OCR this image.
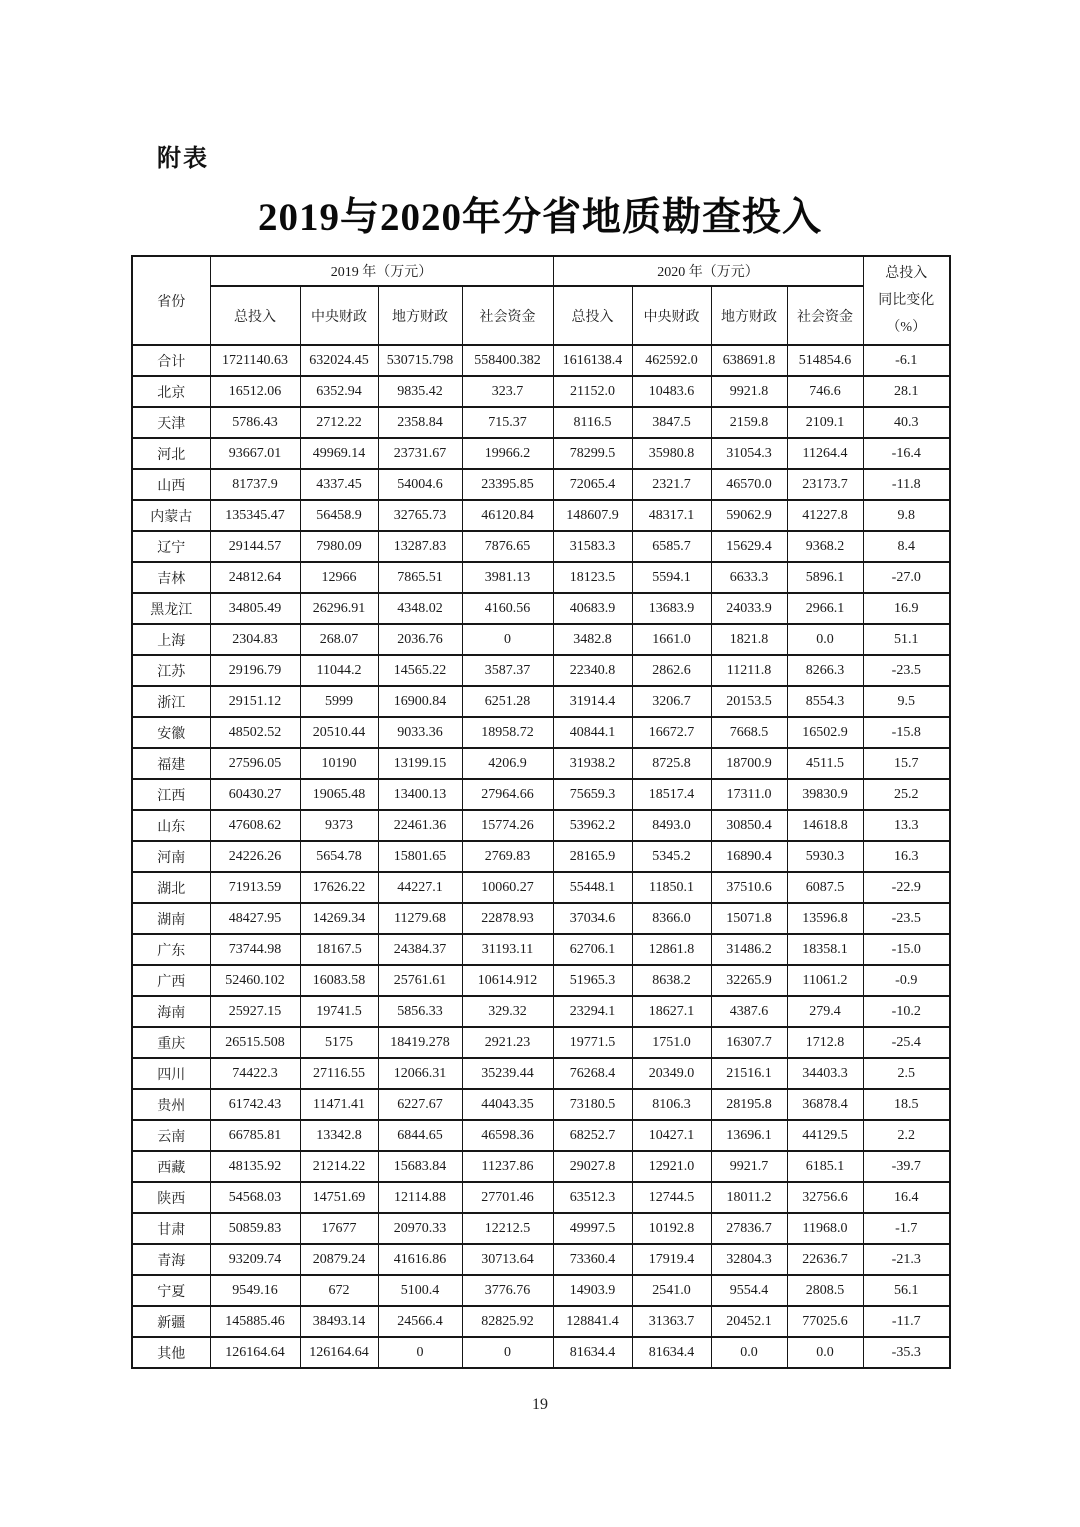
附表
2019与2020年分省地质勘查投入
省份	2019 年（万元）				2020 年（万元）				总投入
同比变化
（%）

	总投入	中央财政	地方财政	社会资金	总投入	中央财政	地方财政	社会资金	
合计	1721140.63	632024.45	530715.798	558400.382	1616138.4	462592.0	638691.8	514854.6	-6.1
北京	16512.06	6352.94	9835.42	323.7	21152.0	10483.6	9921.8	746.6	28.1
天津	5786.43	2712.22	2358.84	715.37	8116.5	3847.5	2159.8	2109.1	40.3
河北	93667.01	49969.14	23731.67	19966.2	78299.5	35980.8	31054.3	11264.4	-16.4
山西	81737.9	4337.45	54004.6	23395.85	72065.4	2321.7	46570.0	23173.7	-11.8
内蒙古	135345.47	56458.9	32765.73	46120.84	148607.9	48317.1	59062.9	41227.8	9.8
辽宁	29144.57	7980.09	13287.83	7876.65	31583.3	6585.7	15629.4	9368.2	8.4
吉林	24812.64	12966	7865.51	3981.13	18123.5	5594.1	6633.3	5896.1	-27.0
黑龙江	34805.49	26296.91	4348.02	4160.56	40683.9	13683.9	24033.9	2966.1	16.9
上海	2304.83	268.07	2036.76	0	3482.8	1661.0	1821.8	0.0	51.1
江苏	29196.79	11044.2	14565.22	3587.37	22340.8	2862.6	11211.8	8266.3	-23.5
浙江	29151.12	5999	16900.84	6251.28	31914.4	3206.7	20153.5	8554.3	9.5
安徽	48502.52	20510.44	9033.36	18958.72	40844.1	16672.7	7668.5	16502.9	-15.8
福建	27596.05	10190	13199.15	4206.9	31938.2	8725.8	18700.9	4511.5	15.7
江西	60430.27	19065.48	13400.13	27964.66	75659.3	18517.4	17311.0	39830.9	25.2
山东	47608.62	9373	22461.36	15774.26	53962.2	8493.0	30850.4	14618.8	13.3
河南	24226.26	5654.78	15801.65	2769.83	28165.9	5345.2	16890.4	5930.3	16.3
湖北	71913.59	17626.22	44227.1	10060.27	55448.1	11850.1	37510.6	6087.5	-22.9
湖南	48427.95	14269.34	11279.68	22878.93	37034.6	8366.0	15071.8	13596.8	-23.5
广东	73744.98	18167.5	24384.37	31193.11	62706.1	12861.8	31486.2	18358.1	-15.0
广西	52460.102	16083.58	25761.61	10614.912	51965.3	8638.2	32265.9	11061.2	-0.9
海南	25927.15	19741.5	5856.33	329.32	23294.1	18627.1	4387.6	279.4	-10.2
重庆	26515.508	5175	18419.278	2921.23	19771.5	1751.0	16307.7	1712.8	-25.4
四川	74422.3	27116.55	12066.31	35239.44	76268.4	20349.0	21516.1	34403.3	2.5
贵州	61742.43	11471.41	6227.67	44043.35	73180.5	8106.3	28195.8	36878.4	18.5
云南	66785.81	13342.8	6844.65	46598.36	68252.7	10427.1	13696.1	44129.5	2.2
西藏	48135.92	21214.22	15683.84	11237.86	29027.8	12921.0	9921.7	6185.1	-39.7
陕西	54568.03	14751.69	12114.88	27701.46	63512.3	12744.5	18011.2	32756.6	16.4
甘肃	50859.83	17677	20970.33	12212.5	49997.5	10192.8	27836.7	11968.0	-1.7
青海	93209.74	20879.24	41616.86	30713.64	73360.4	17919.4	32804.3	22636.7	-21.3
宁夏	9549.16	672	5100.4	3776.76	14903.9	2541.0	9554.4	2808.5	56.1
新疆	145885.46	38493.14	24566.4	82825.92	128841.4	31363.7	20452.1	77025.6	-11.7
其他	126164.64	126164.64	0	0	81634.4	81634.4	0.0	0.0	-35.3
19
